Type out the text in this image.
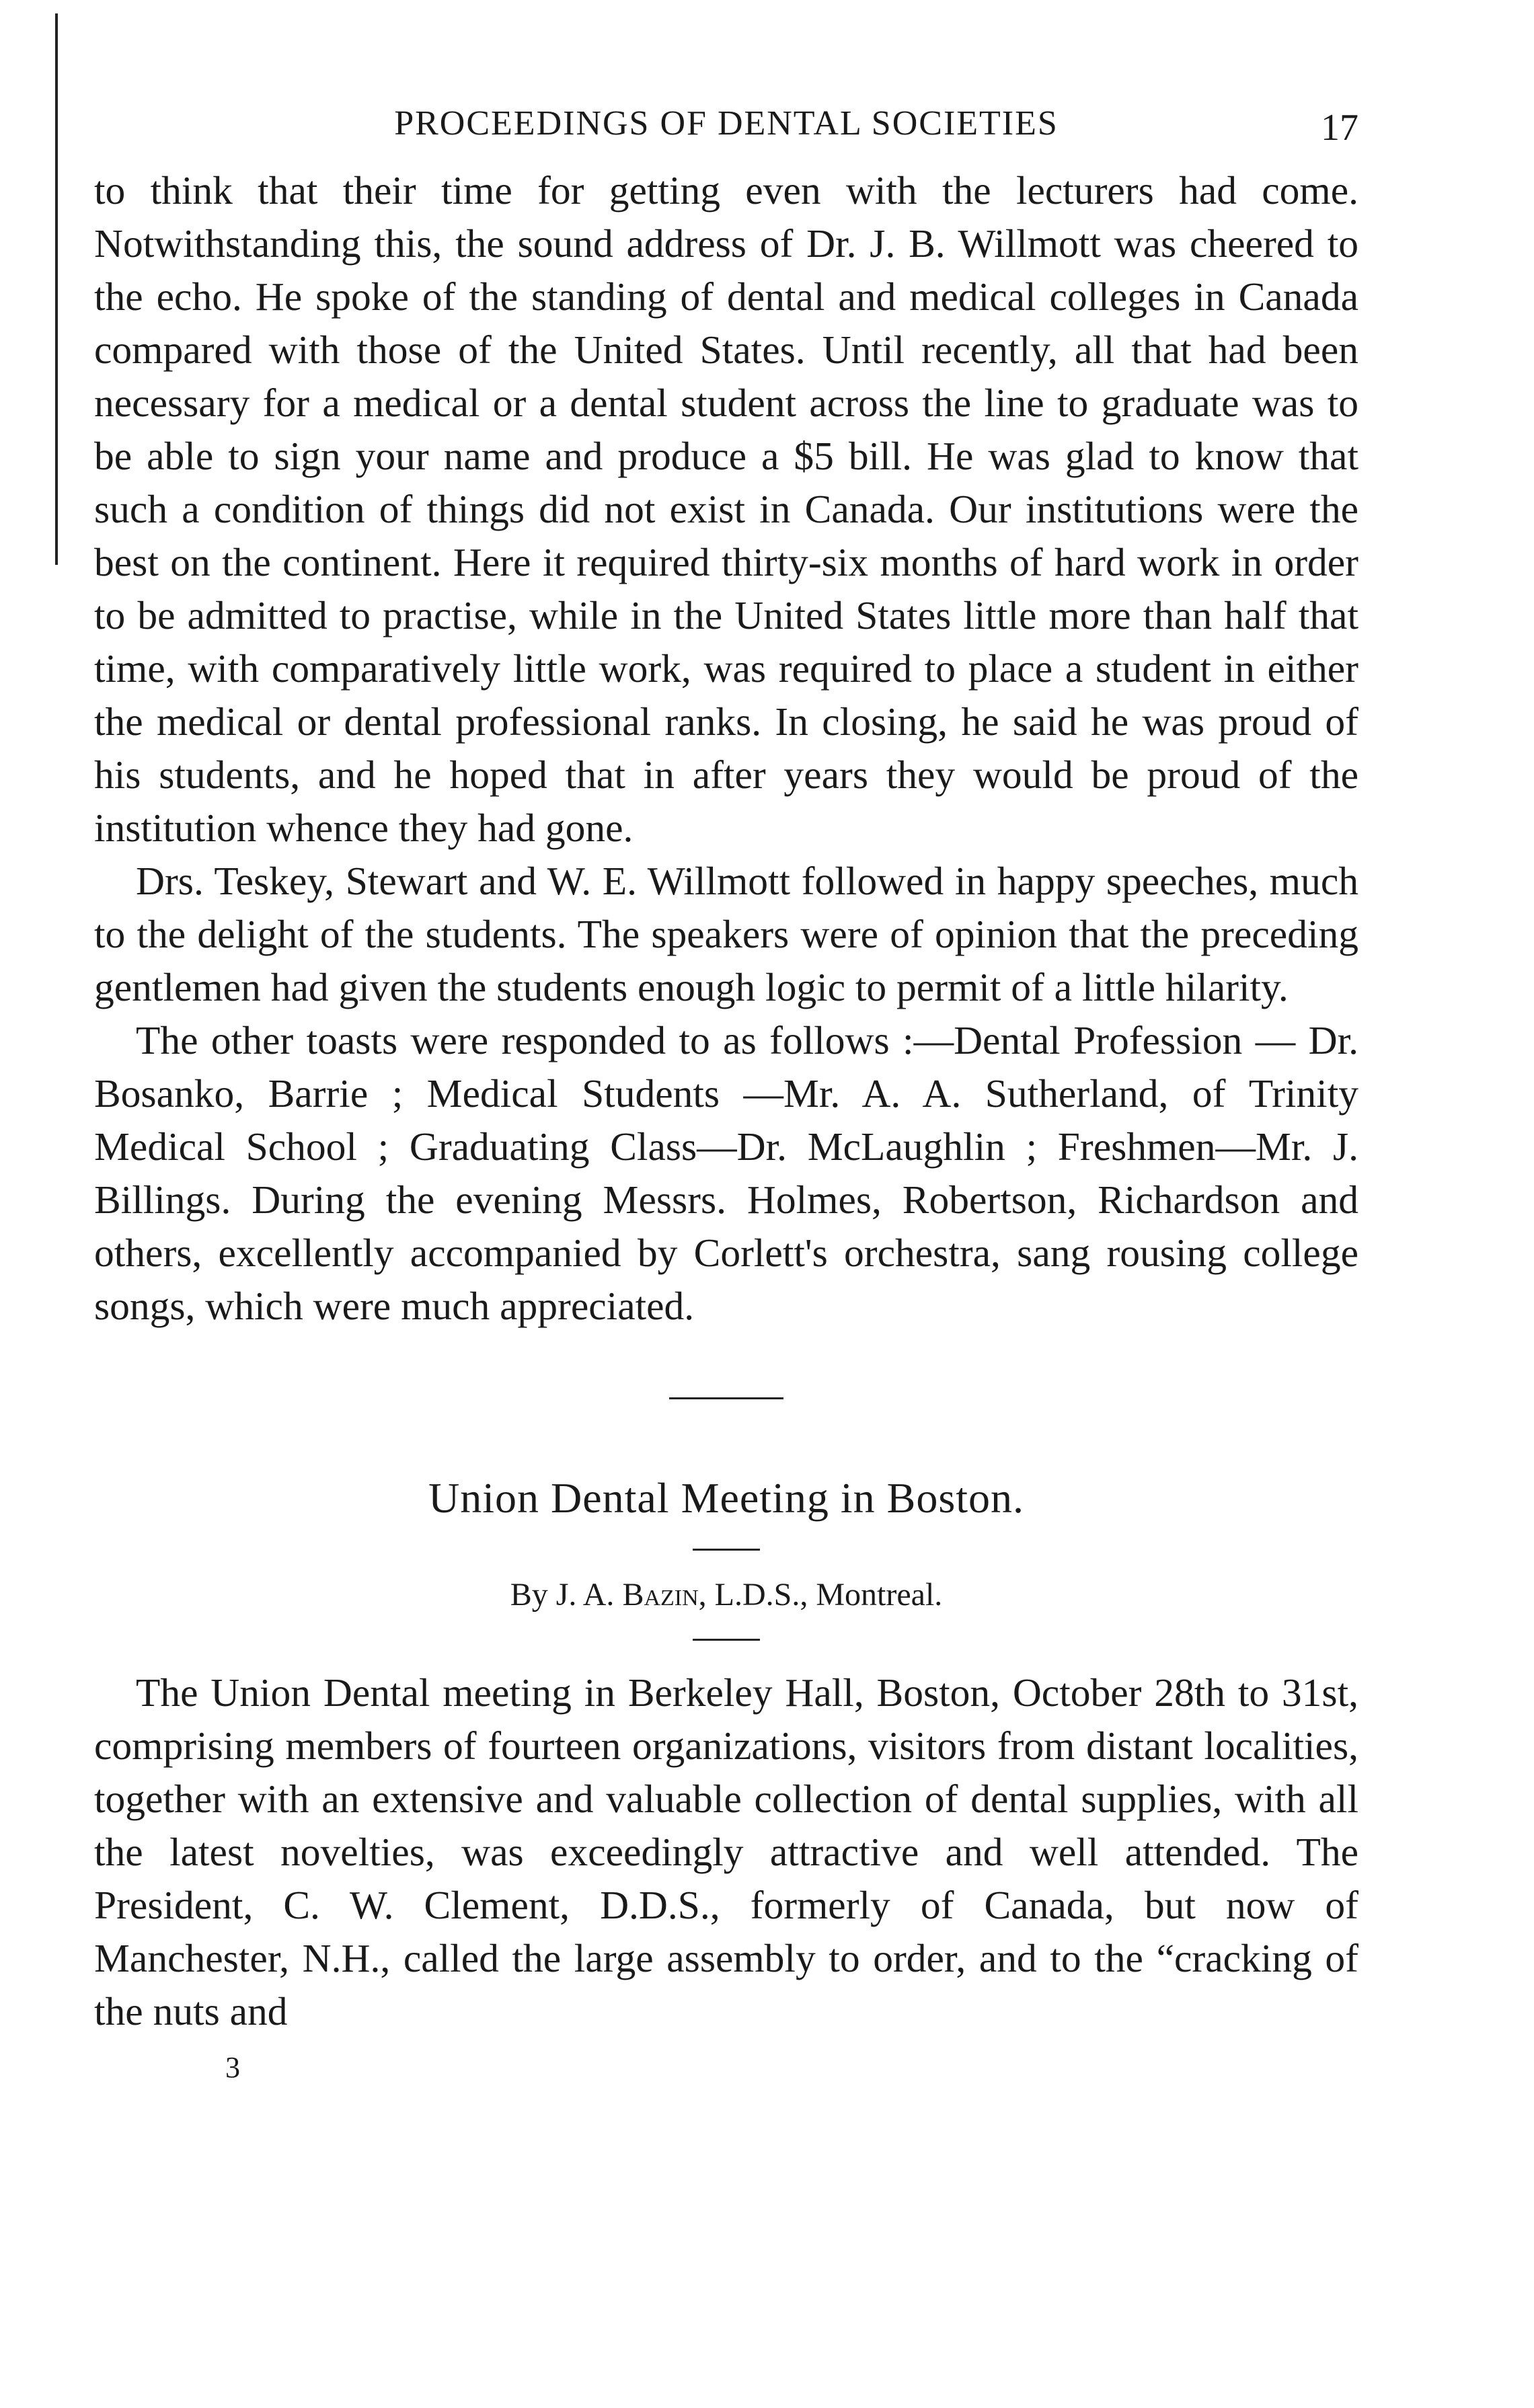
PROCEEDINGS OF DENTAL SOCIETIES	17

to think that their time for getting even with the lecturers had come. Notwithstanding this, the sound address of Dr. J. B. Willmott was cheered to the echo. He spoke of the standing of dental and medical colleges in Canada compared with those of the United States. Until recently, all that had been necessary for a medical or a dental student across the line to graduate was to be able to sign your name and produce a $5 bill. He was glad to know that such a condition of things did not exist in Canada. Our institutions were the best on the continent. Here it required thirty-six months of hard work in order to be admitted to practise, while in the United States little more than half that time, with comparatively little work, was required to place a student in either the medical or dental professional ranks. In closing, he said he was proud of his students, and he hoped that in after years they would be proud of the institution whence they had gone.

Drs. Teskey, Stewart and W. E. Willmott followed in happy speeches, much to the delight of the students. The speakers were of opinion that the preceding gentlemen had given the students enough logic to permit of a little hilarity.

The other toasts were responded to as follows :—Dental Profession — Dr. Bosanko, Barrie ; Medical Students —Mr. A. A. Sutherland, of Trinity Medical School ; Graduating Class—Dr. McLaughlin ; Freshmen—Mr. J. Billings. During the evening Messrs. Holmes, Robertson, Richardson and others, excellently accompanied by Corlett's orchestra, sang rousing college songs, which were much appreciated.

Union Dental Meeting in Boston.

By J. A. Bazin, L.D.S., Montreal.

The Union Dental meeting in Berkeley Hall, Boston, October 28th to 31st, comprising members of fourteen organizations, visitors from distant localities, together with an extensive and valuable collection of dental supplies, with all the latest novelties, was exceedingly attractive and well attended. The President, C. W. Clement, D.D.S., formerly of Canada, but now of Manchester, N.H., called the large assembly to order, and to the “cracking of the nuts and

3
